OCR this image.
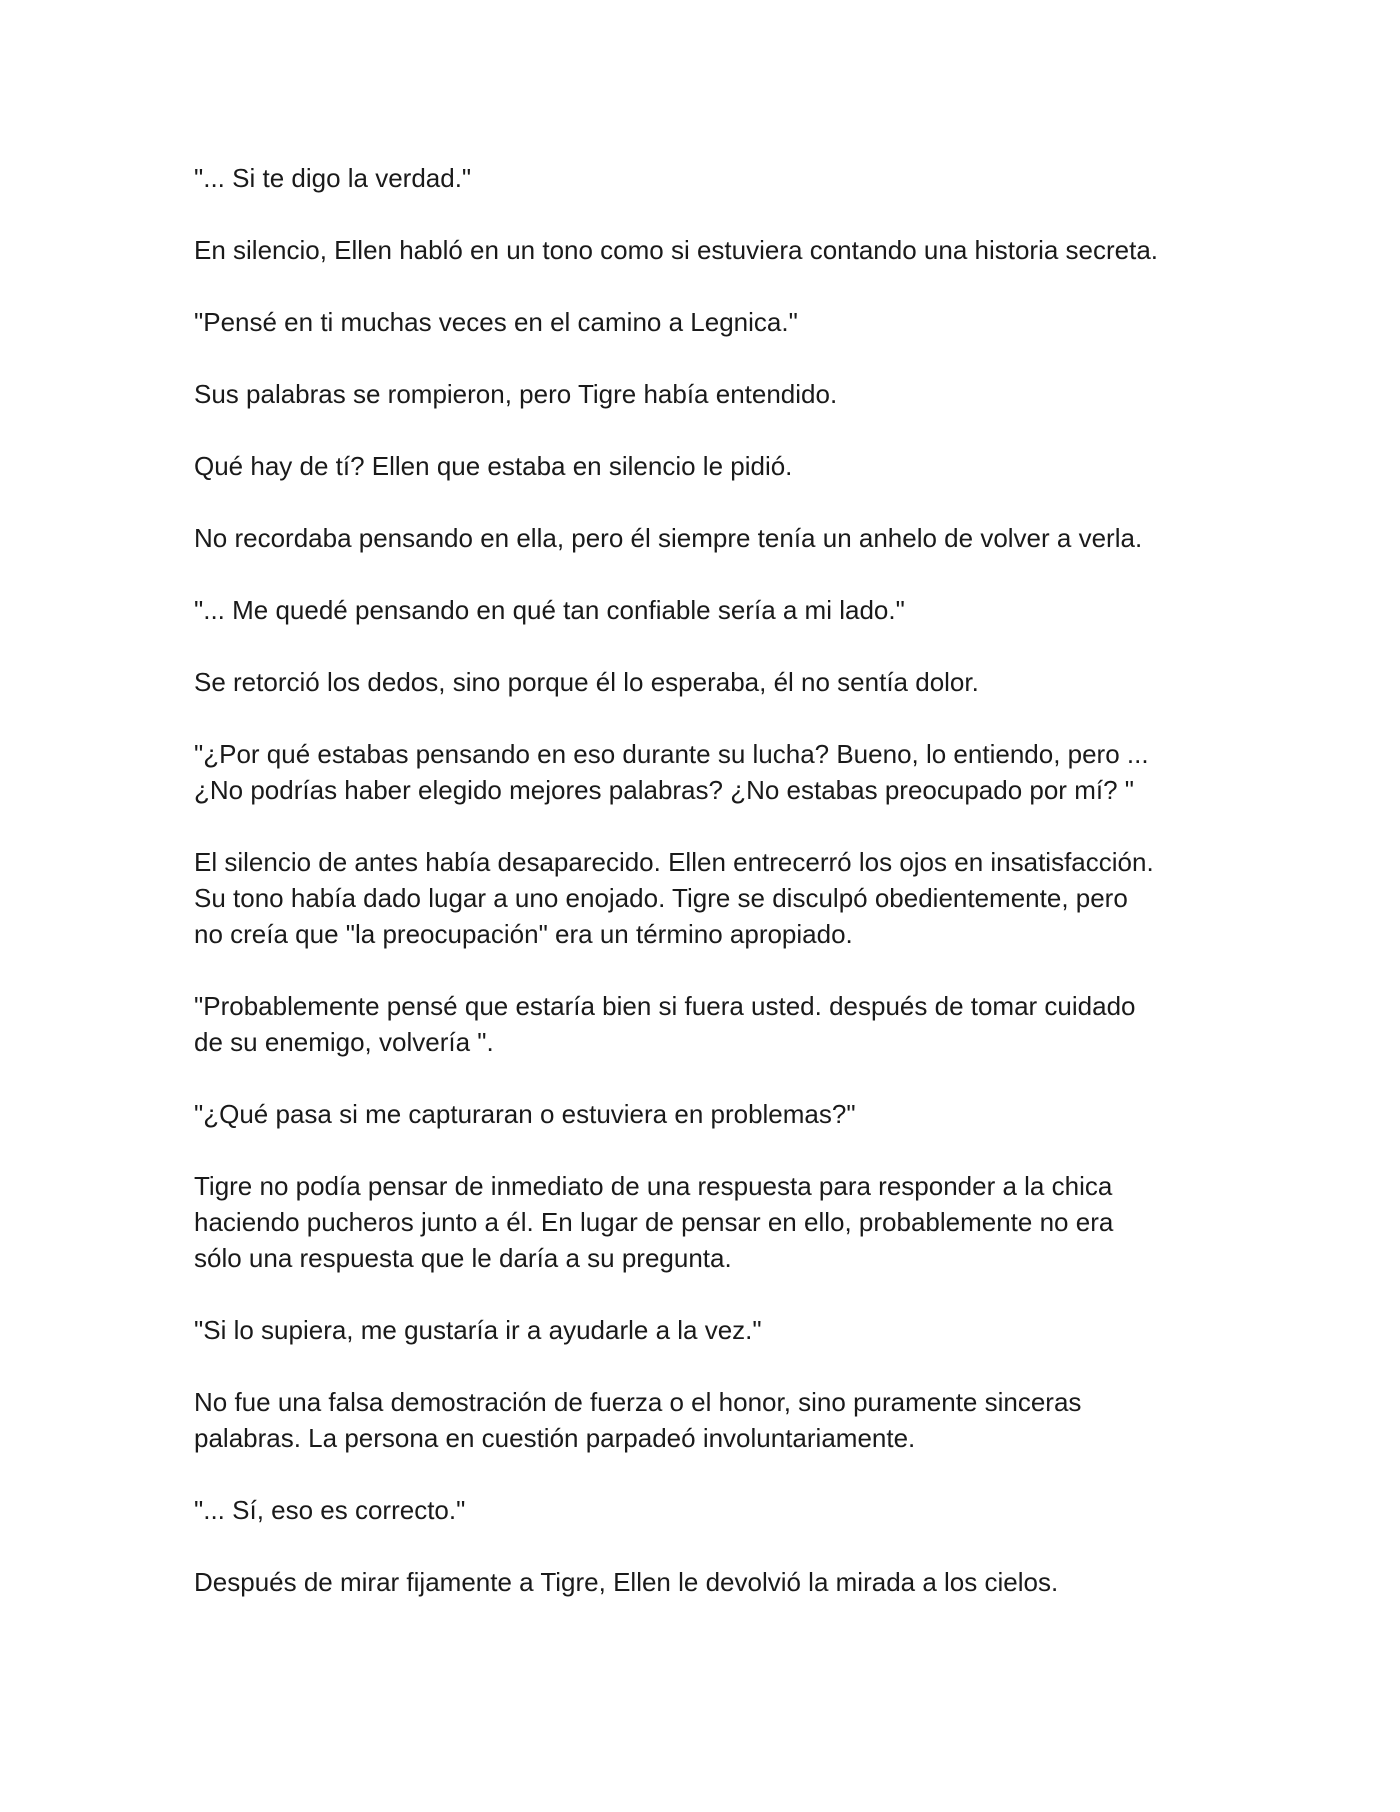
"... Si te digo la verdad."

En silencio, Ellen habló en un tono como si estuviera contando una historia secreta.

"Pensé en ti muchas veces en el camino a Legnica."

Sus palabras se rompieron, pero Tigre había entendido.

Qué hay de tí? Ellen que estaba en silencio le pidió.

No recordaba pensando en ella, pero él siempre tenía un anhelo de volver a verla.

"... Me quedé pensando en qué tan confiable sería a mi lado."

Se retorció los dedos, sino porque él lo esperaba, él no sentía dolor.

"¿Por qué estabas pensando en eso durante su lucha? Bueno, lo entiendo, pero ...
¿No podrías haber elegido mejores palabras? ¿No estabas preocupado por mí? "

El silencio de antes había desaparecido. Ellen entrecerró los ojos en insatisfacción.
Su tono había dado lugar a uno enojado. Tigre se disculpó obedientemente, pero
no creía que "la preocupación" era un término apropiado.

"Probablemente pensé que estaría bien si fuera usted. después de tomar cuidado
de su enemigo, volvería ".

"¿Qué pasa si me capturaran o estuviera en problemas?"

Tigre no podía pensar de inmediato de una respuesta para responder a la chica
haciendo pucheros junto a él. En lugar de pensar en ello, probablemente no era
sólo una respuesta que le daría a su pregunta.

"Si lo supiera, me gustaría ir a ayudarle a la vez."

No fue una falsa demostración de fuerza o el honor, sino puramente sinceras
palabras. La persona en cuestión parpadeó involuntariamente.

"... Sí, eso es correcto."

Después de mirar fijamente a Tigre, Ellen le devolvió la mirada a los cielos.
